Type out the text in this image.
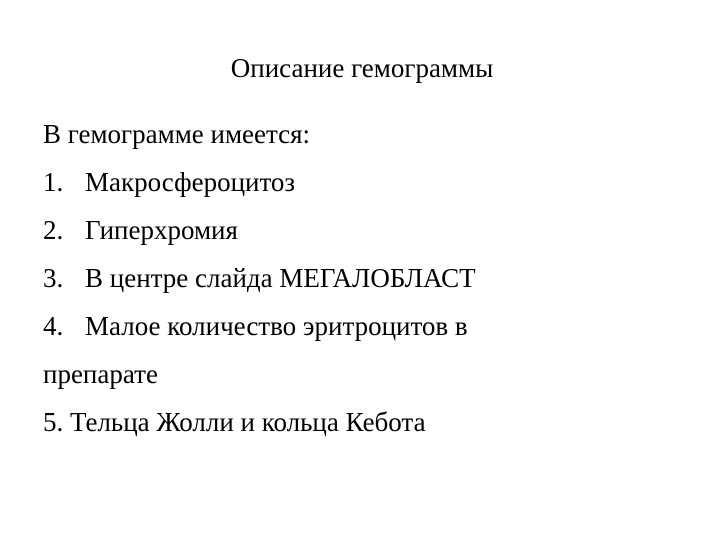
Описание гемограммы
В гемограмме имеется:
1. Макросфероцитоз
2. Гиперхромия
3. В центре слайда МЕГАЛОБЛАСТ
4. Малое количество эритроцитов в
препарате
5. Тельца Жолли и кольца Кебота
